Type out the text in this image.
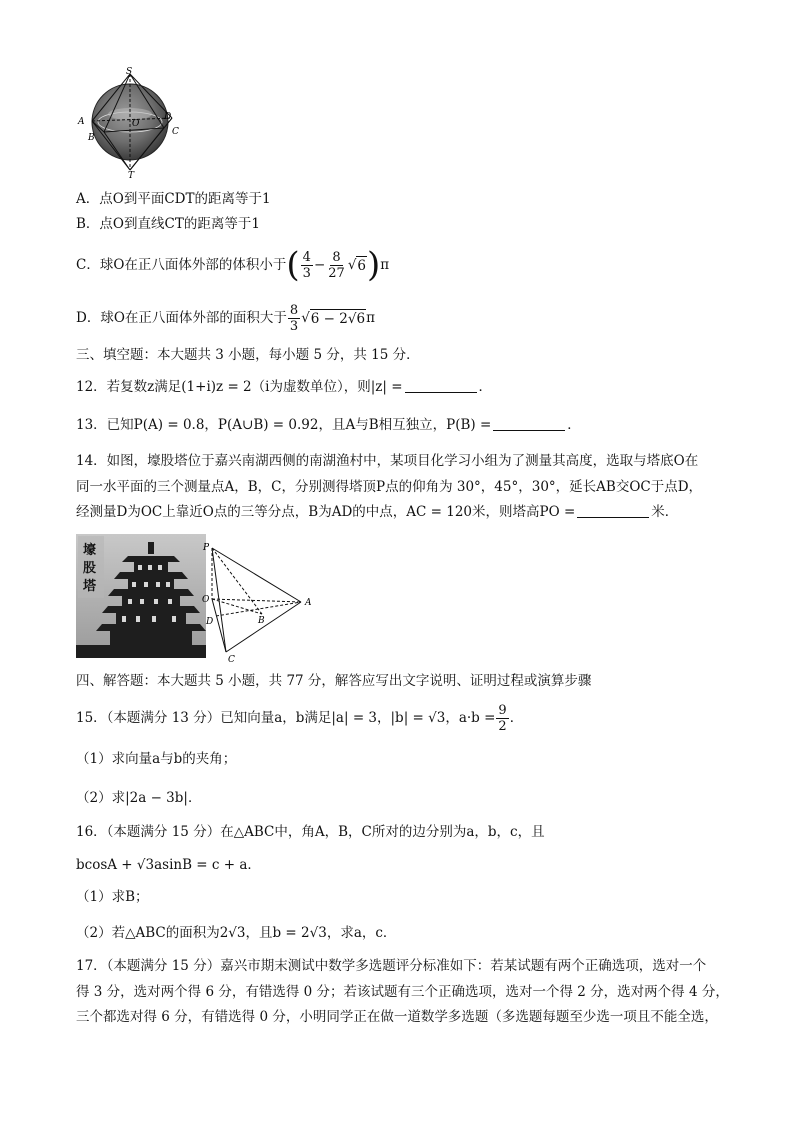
S
A
B
O
D
C
T
A．点O到平面CDT的距离等于1
B．点O到直线CT的距离等于1
C．球O在正八面体外部的体积小于 ( $\frac{4}{3} - \frac{8}{27}$ √ 6 ) π
D．球O在正八面体外部的面积大于 $\frac{8}{3}$ √ 6 − 2√6 π
三、填空题：本大题共 3 小题，每小题 5 分，共 15 分．
12．若复数z满足(1+i)z = 2（i为虚数单位），则|z| =	．
13．已知P(A) = 0.8，P(A∪B) = 0.92，且A与B相互独立，P(B) =	．
14．如图，壕股塔位于嘉兴南湖西侧的南湖渔村中，某项目化学习小组为了测量其高度，选取与塔底O在
同一水平面的三个测量点A，B，C，分别测得塔顶P点的仰角为 30°，45°，30°，延长AB交OC于点D，
经测量D为OC上靠近O点的三等分点，B为AD的中点，AC = 120米，则塔高PO =	米．
壕
股
塔
P
O	A
D	B
C
四、解答题：本大题共 5 小题，共 77 分，解答应写出文字说明、证明过程或演算步骤
15．（本题满分 13 分）已知向量a，b满足|a| = 3，|b| = √3，$a\cdot b = \frac{9}{2}$ ．
（1）求向量a与b的夹角；
（2）求|2a − 3b|．
16．（本题满分 15 分）在△ABC中，角A，B，C所对的边分别为a，b，c，且
bcosA + √3asinB = c + a．
（1）求B；
（2）若△ABC的面积为2√3，且b = 2√3，求a，c．
17．（本题满分 15 分）嘉兴市期末测试中数学多选题评分标准如下：若某试题有两个正确选项，选对一个
得 3 分，选对两个得 6 分，有错选得 0 分；若该试题有三个正确选项，选对一个得 2 分，选对两个得 4 分，
三个都选对得 6 分，有错选得 0 分，小明同学正在做一道数学多选题（多选题每题至少选一项且不能全选，
